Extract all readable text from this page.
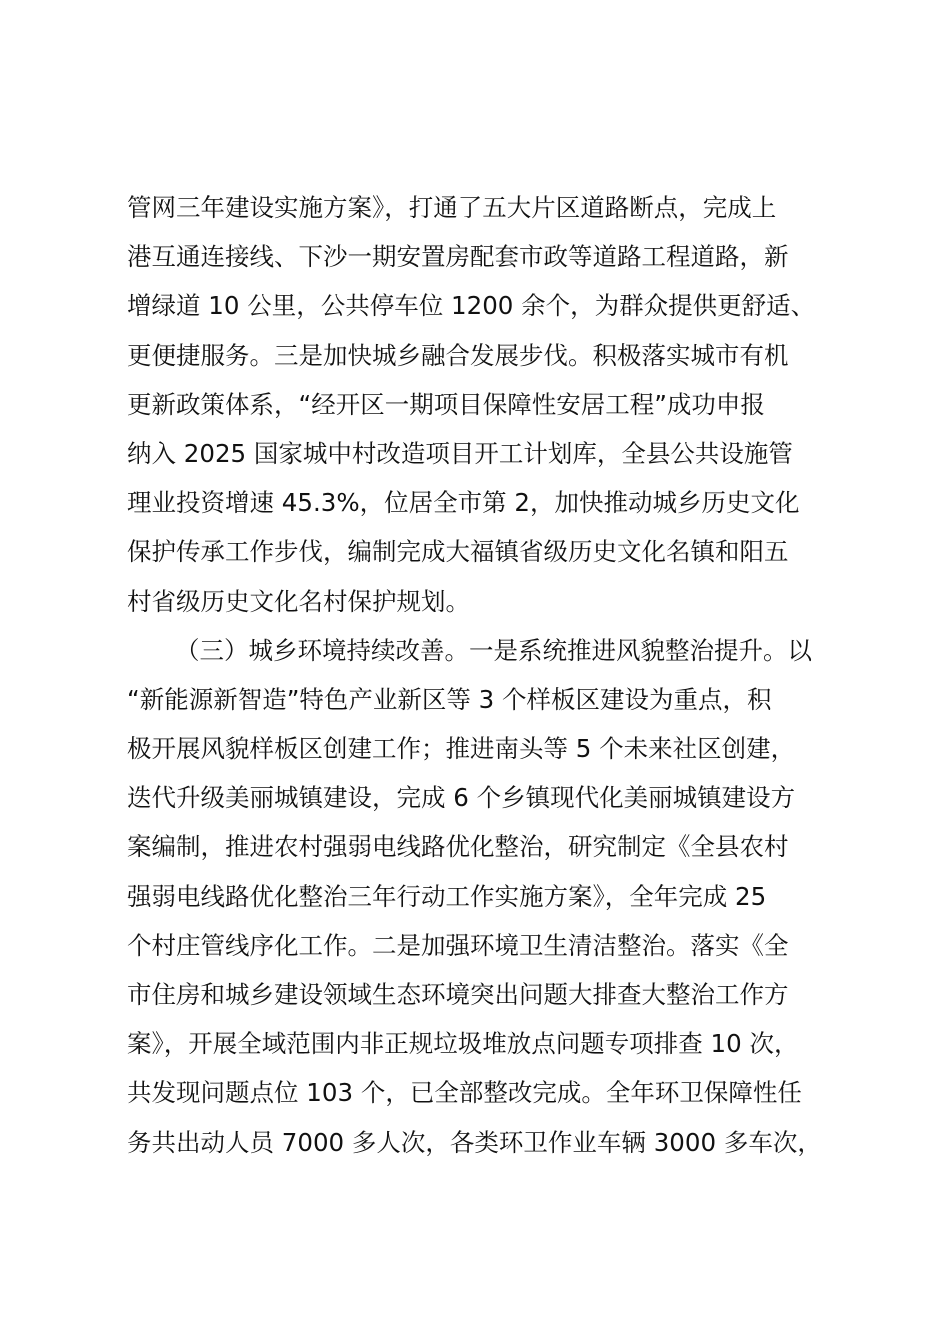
管网三年建设实施方案》，打通了五大片区道路断点，完成上
港互通连接线、下沙一期安置房配套市政等道路工程道路，新
增绿道 10 公里，公共停车位 1200 余个，为群众提供更舒适、
更便捷服务。三是加快城乡融合发展步伐。积极落实城市有机
更新政策体系，“经开区一期项目保障性安居工程”成功申报
纳入 2025 国家城中村改造项目开工计划库，全县公共设施管
理业投资增速 45.3%，位居全市第 2，加快推动城乡历史文化
保护传承工作步伐，编制完成大福镇省级历史文化名镇和阳五
村省级历史文化名村保护规划。
（三）城乡环境持续改善。一是系统推进风貌整治提升。以
“新能源新智造”特色产业新区等 3 个样板区建设为重点，积
极开展风貌样板区创建工作；推进南头等 5 个未来社区创建，
迭代升级美丽城镇建设，完成 6 个乡镇现代化美丽城镇建设方
案编制，推进农村强弱电线路优化整治，研究制定《全县农村
强弱电线路优化整治三年行动工作实施方案》，全年完成 25
个村庄管线序化工作。二是加强环境卫生清洁整治。落实《全
市住房和城乡建设领域生态环境突出问题大排查大整治工作方
案》，开展全域范围内非正规垃圾堆放点问题专项排查 10 次，
共发现问题点位 103 个，已全部整改完成。全年环卫保障性任
务共出动人员 7000 多人次，各类环卫作业车辆 3000 多车次，
